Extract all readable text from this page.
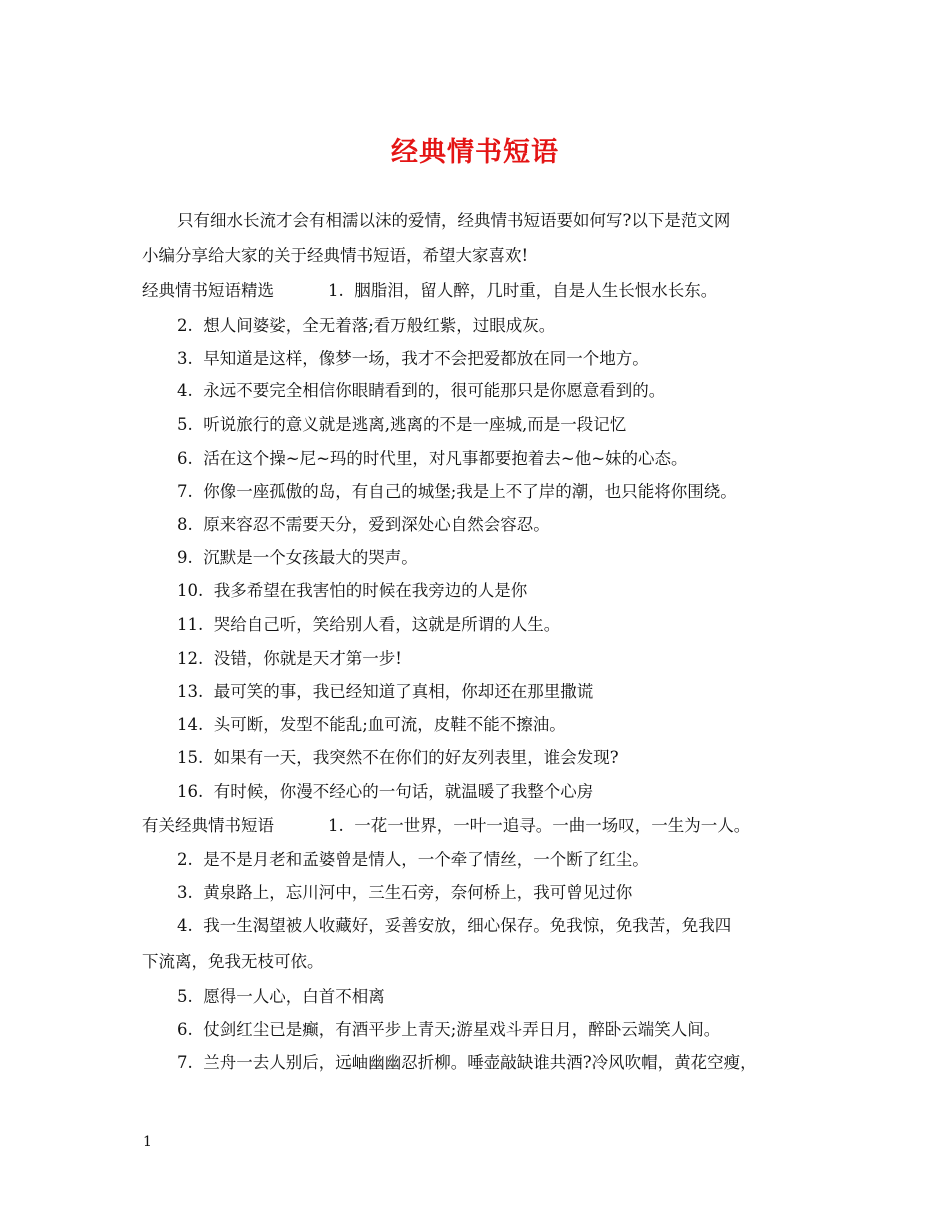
经典情书短语
只有细水长流才会有相濡以沫的爱情，经典情书短语要如何写?以下是范文网
小编分享给大家的关于经典情书短语，希望大家喜欢!
经典情书短语精选	1. 胭脂泪，留人醉，几时重，自是人生长恨水长东。
2. 想人间婆娑，全无着落;看万般红紫，过眼成灰。
3. 早知道是这样，像梦一场，我才不会把爱都放在同一个地方。
4. 永远不要完全相信你眼睛看到的，很可能那只是你愿意看到的。
5. 听说旅行的意义就是逃离,逃离的不是一座城,而是一段记忆
6. 活在这个操~尼~玛的时代里，对凡事都要抱着去~他~妹的心态。
7. 你像一座孤傲的岛，有自己的城堡;我是上不了岸的潮，也只能将你围绕。
8. 原来容忍不需要天分，爱到深处心自然会容忍。
9. 沉默是一个女孩最大的哭声。
10. 我多希望在我害怕的时候在我旁边的人是你
11. 哭给自己听，笑给别人看，这就是所谓的人生。
12. 没错，你就是天才第一步!
13. 最可笑的事，我已经知道了真相，你却还在那里撒谎
14. 头可断，发型不能乱;血可流，皮鞋不能不擦油。
15. 如果有一天，我突然不在你们的好友列表里，谁会发现?
16. 有时候，你漫不经心的一句话，就温暖了我整个心房
有关经典情书短语	1. 一花一世界，一叶一追寻。一曲一场叹，一生为一人。
2. 是不是月老和孟婆曾是情人，一个牵了情丝，一个断了红尘。
3. 黄泉路上，忘川河中，三生石旁，奈何桥上，我可曾见过你
4. 我一生渴望被人收藏好，妥善安放，细心保存。免我惊，免我苦，免我四
下流离，免我无枝可依。
5. 愿得一人心，白首不相离
6. 仗剑红尘已是癫，有酒平步上青天;游星戏斗弄日月，醉卧云端笑人间。
7. 兰舟一去人别后，远岫幽幽忍折柳。唾壶敲缺谁共酒?冷风吹帽，黄花空瘦，
1
